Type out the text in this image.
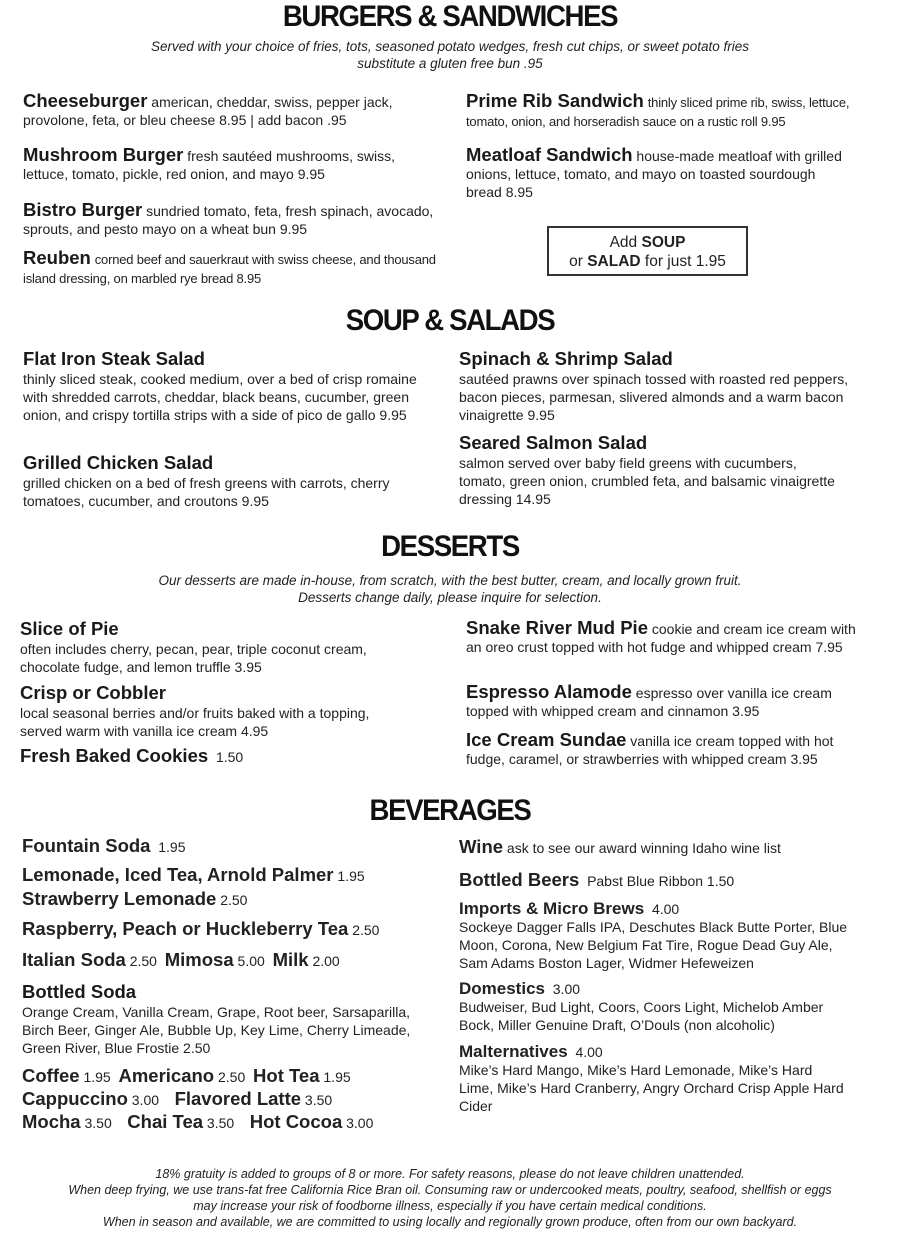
BURGERS & SANDWICHES
Served with your choice of fries, tots, seasoned potato wedges, fresh cut chips, or sweet potato fries
substitute a gluten free bun .95
Cheeseburger american, cheddar, swiss, pepper jack, provolone, feta, or bleu cheese 8.95 | add bacon .95
Mushroom Burger fresh sautéed mushrooms, swiss, lettuce, tomato, pickle, red onion, and mayo 9.95
Bistro Burger sundried tomato, feta, fresh spinach, avocado, sprouts, and pesto mayo on a wheat bun 9.95
Reuben corned beef and sauerkraut with swiss cheese, and thousand island dressing, on marbled rye bread 8.95
Prime Rib Sandwich thinly sliced prime rib, swiss, lettuce, tomato, onion, and horseradish sauce on a rustic roll 9.95
Meatloaf Sandwich house-made meatloaf with grilled onions, lettuce, tomato, and mayo on toasted sourdough bread 8.95
Add SOUP
or SALAD for just 1.95
SOUP & SALADS
Flat Iron Steak Salad
thinly sliced steak, cooked medium, over a bed of crisp romaine with shredded carrots, cheddar, black beans, cucumber, green onion, and crispy tortilla strips with a side of pico de gallo 9.95
Grilled Chicken Salad
grilled chicken on a bed of fresh greens with carrots, cherry tomatoes, cucumber, and croutons 9.95
Spinach & Shrimp Salad
sautéed prawns over spinach tossed with roasted red peppers, bacon pieces, parmesan, slivered almonds and a warm bacon vinaigrette 9.95
Seared Salmon Salad
salmon served over baby field greens with cucumbers, tomato, green onion, crumbled feta, and balsamic vinaigrette dressing 14.95
DESSERTS
Our desserts are made in-house, from scratch, with the best butter, cream, and locally grown fruit.
Desserts change daily, please inquire for selection.
Slice of Pie
often includes cherry, pecan, pear, triple coconut cream, chocolate fudge, and lemon truffle 3.95
Crisp or Cobbler
local seasonal berries and/or fruits baked with a topping, served warm with vanilla ice cream 4.95
Fresh Baked Cookies 1.50
Snake River Mud Pie cookie and cream ice cream with an oreo crust topped with hot fudge and whipped cream 7.95
Espresso Alamode espresso over vanilla ice cream topped with whipped cream and cinnamon 3.95
Ice Cream Sundae vanilla ice cream topped with hot fudge, caramel, or strawberries with whipped cream 3.95
BEVERAGES
Fountain Soda 1.95
Lemonade, Iced Tea, Arnold Palmer 1.95
Strawberry Lemonade 2.50
Raspberry, Peach or Huckleberry Tea 2.50
Italian Soda 2.50 Mimosa 5.00 Milk 2.00
Bottled Soda
Orange Cream, Vanilla Cream, Grape, Root beer, Sarsaparilla, Birch Beer, Ginger Ale, Bubble Up, Key Lime, Cherry Limeade, Green River, Blue Frostie 2.50
Coffee 1.95 Americano 2.50 Hot Tea 1.95
Cappuccino 3.00 Flavored Latte 3.50
Mocha 3.50 Chai Tea 3.50 Hot Cocoa 3.00
Wine ask to see our award winning Idaho wine list
Bottled Beers Pabst Blue Ribbon 1.50
Imports & Micro Brews 4.00
Sockeye Dagger Falls IPA, Deschutes Black Butte Porter, Blue Moon, Corona, New Belgium Fat Tire, Rogue Dead Guy Ale, Sam Adams Boston Lager, Widmer Hefeweizen
Domestics 3.00
Budweiser, Bud Light, Coors, Coors Light, Michelob Amber Bock, Miller Genuine Draft, O’Douls (non alcoholic)
Malternatives 4.00
Mike’s Hard Mango, Mike’s Hard Lemonade, Mike’s Hard Lime, Mike’s Hard Cranberry, Angry Orchard Crisp Apple Hard Cider
18% gratuity is added to groups of 8 or more. For safety reasons, please do not leave children unattended.
When deep frying, we use trans-fat free California Rice Bran oil. Consuming raw or undercooked meats, poultry, seafood, shellfish or eggs
may increase your risk of foodborne illness, especially if you have certain medical conditions.
When in season and available, we are committed to using locally and regionally grown produce, often from our own backyard.
